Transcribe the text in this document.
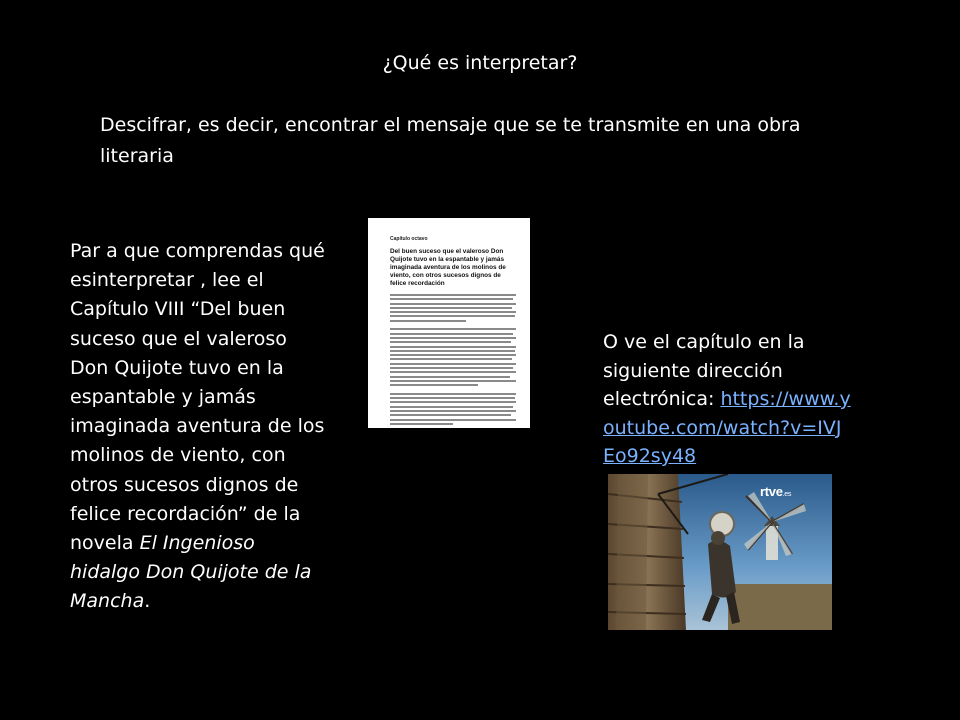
¿Qué es interpretar?
Descifrar, es decir, encontrar el mensaje que se te transmite en una obra literaria
Par a que comprendas qué esinterpretar , lee el Capítulo VIII “Del buen suceso que el valeroso Don Quijote tuvo en la espantable y jamás imaginada aventura de los molinos de viento, con otros sucesos dignos de felice recordación” de la novela El Ingenioso hidalgo Don Quijote de la Mancha.
Capítulo octavo
Del buen suceso que el valeroso Don Quijote tuvo en la espantable y jamás imaginada aventura de los molinos de viento, con otros sucesos dignos de felice recordación
O ve el capítulo en la siguiente dirección electrónica: https://www.youtube.com/watch?v=IVJEo92sy48
rtve.es
